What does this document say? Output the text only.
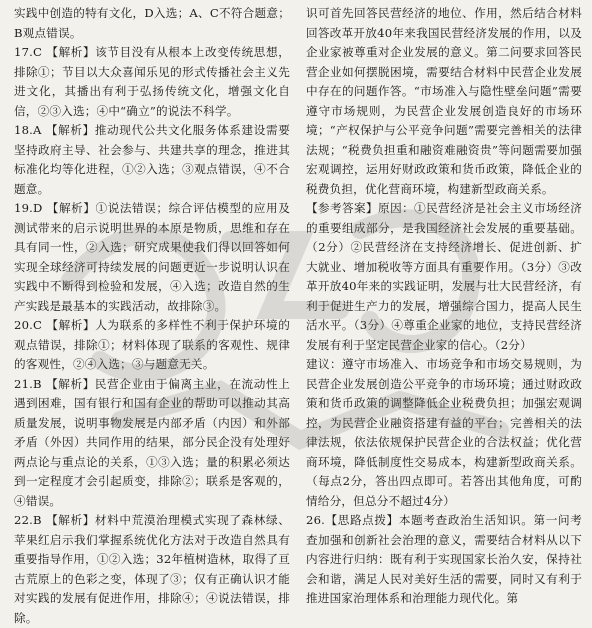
实践中创造的特有文化，D入选；A、C不符合题意；B观点错误。

17.C 【解析】该节目没有从根本上改变传统思想，排除①；节目以大众喜闻乐见的形式传播社会主义先进文化，其播出有利于弘扬传统文化，增强文化自信，②③入选；④中“确立”的说法不科学。

18.A 【解析】推动现代公共文化服务体系建设需要坚持政府主导、社会参与、共建共享的理念，推进其标准化均等化进程，①②入选；③观点错误，④不合题意。

19.D 【解析】①说法错误；综合评估模型的应用及测试带来的启示说明世界的本原是物质，思维和存在具有同一性，②入选；研究成果使我们得以回答如何实现全球经济可持续发展的问题更近一步说明认识在实践中不断得到检验和发展，④入选；改造自然的生产实践是最基本的实践活动，故排除③。

20.C 【解析】人为联系的多样性不利于保护环境的观点错误，排除①；材料体现了联系的客观性、规律的客观性，②④入选；③与题意无关。

21.B 【解析】民营企业由于偏离主业，在流动性上遇到困难，国有银行和国有企业的帮助可以推动其高质量发展，说明事物发展是内部矛盾（内因）和外部矛盾（外因）共同作用的结果，部分民企没有处理好两点论与重点论的关系，①③入选；量的积累必须达到一定程度才会引起质变，排除②；联系是客观的，④错误。

22.B 【解析】材料中荒漠治理模式实现了森林绿、苹果红启示我们掌握系统优化方法对于改造自然具有重要指导作用，①②入选；32年植树造林，取得了亘古荒原上的色彩之变，体现了③；仅有正确认识才能对实践的发展有促进作用，排除④；④说法错误，排除。

识可首先回答民营经济的地位、作用，然后结合材料回答改革开放40年来我国民营经济发展的作用，以及企业家被尊重对企业发展的意义。第二问要求回答民营企业如何摆脱困境，需要结合材料中民营企业发展中存在的问题作答。“市场准入与隐性壁垒问题”需要遵守市场规则，为民营企业发展创造良好的市场环境；“产权保护与公平竞争问题”需要完善相关的法律法规；“税费负担重和融资难融资贵”等问题需要加强宏观调控，运用好财政政策和货币政策，降低企业的税费负担，优化营商环境，构建新型政商关系。

【参考答案】原因：①民营经济是社会主义市场经济的重要组成部分，是我国经济社会发展的重要基础。（2分）②民营经济在支持经济增长、促进创新、扩大就业、增加税收等方面具有重要作用。（3分）③改革开放40年来的实践证明，发展与壮大民营经济，有利于促进生产力的发展，增强综合国力，提高人民生活水平。（3分）④尊重企业家的地位，支持民营经济发展有利于坚定民营企业家的信心。（2分）

建议：遵守市场准入、市场竞争和市场交易规则，为民营企业发展创造公平竞争的市场环境；通过财政政策和货币政策的调整降低企业税费负担；加强宏观调控，为民营企业融资搭建有益的平台；完善相关的法律法规，依法依规保护民营企业的合法权益；优化营商环境，降低制度性交易成本，构建新型政商关系。（每点2分，答出四点即可。若答出其他角度，可酌情给分，但总分不超过4分）

26.【思路点拨】本题考查政治生活知识。第一问考查加强和创新社会治理的意义，需要结合材料从以下内容进行归纳：既有利于实现国家长治久安，保持社会和谐，满足人民对美好生活的需要，同时又有利于推进国家治理体系和治理能力现代化。第
